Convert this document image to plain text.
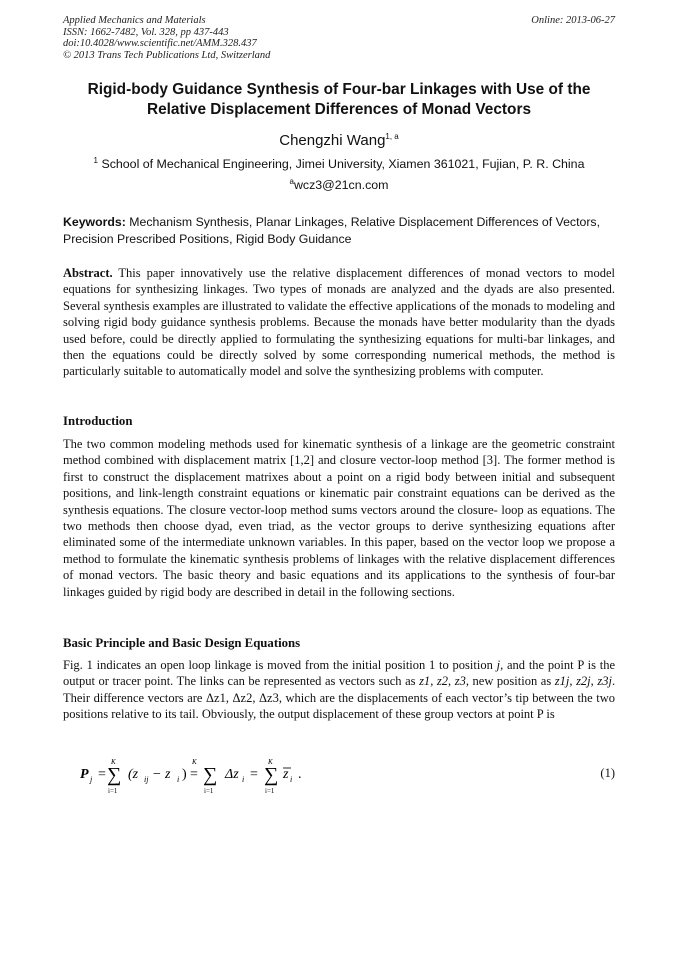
Applied Mechanics and Materials
ISSN: 1662-7482, Vol. 328, pp 437-443
doi:10.4028/www.scientific.net/AMM.328.437
© 2013 Trans Tech Publications Ltd, Switzerland
Online: 2013-06-27
Rigid-body Guidance Synthesis of Four-bar Linkages with Use of the
Relative Displacement Differences of Monad Vectors
Chengzhi Wang$^{1, a}$
$^1$ School of Mechanical Engineering, Jimei University, Xiamen 361021, Fujian, P. R. China
$^a$wcz3@21cn.com
Keywords: Mechanism Synthesis, Planar Linkages, Relative Displacement Differences of Vectors, Precision Prescribed Positions, Rigid Body Guidance
Abstract. This paper innovatively use the relative displacement differences of monad vectors to model equations for synthesizing linkages. Two types of monads are analyzed and the dyads are also presented. Several synthesis examples are illustrated to validate the effective applications of the monads to modeling and solving rigid body guidance synthesis problems. Because the monads have better modularity than the dyads used before, could be directly applied to formulating the synthesizing equations for multi-bar linkages, and then the equations could be directly solved by some corresponding numerical methods, the method is particularly suitable to automatically model and solve the synthesizing problems with computer.
Introduction
The two common modeling methods used for kinematic synthesis of a linkage are the geometric constraint method combined with displacement matrix [1,2] and closure vector-loop method [3]. The former method is first to construct the displacement matrixes about a point on a rigid body between initial and subsequent positions, and link-length constraint equations or kinematic pair constraint equations can be derived as the synthesis equations. The closure vector-loop method sums vectors around the closure- loop as equations. The two methods then choose dyad, even triad, as the vector groups to derive synthesizing equations after eliminated some of the intermediate unknown variables. In this paper, based on the vector loop we propose a method to formulate the kinematic synthesis problems of linkages with the relative displacement differences of monad vectors. The basic theory and basic equations and its applications to the synthesis of four-bar linkages guided by rigid body are described in detail in the following sections.
Basic Principle and Basic Design Equations
Fig. 1 indicates an open loop linkage is moved from the initial position 1 to position j, and the point P is the output or tracer point. The links can be represented as vectors such as z1, z2, z3, new position as z1j, z2j, z3j. Their difference vectors are Δz1, Δz2, Δz3, which are the displacements of each vector’s tip between the two positions relative to its tail. Obviously, the output displacement of these group vectors at point P is
P j =
K
∑
i=1
(z ij − z i ) =
K
∑
i=1
Δz i =
K
∑
i=1
z i .	(1)
